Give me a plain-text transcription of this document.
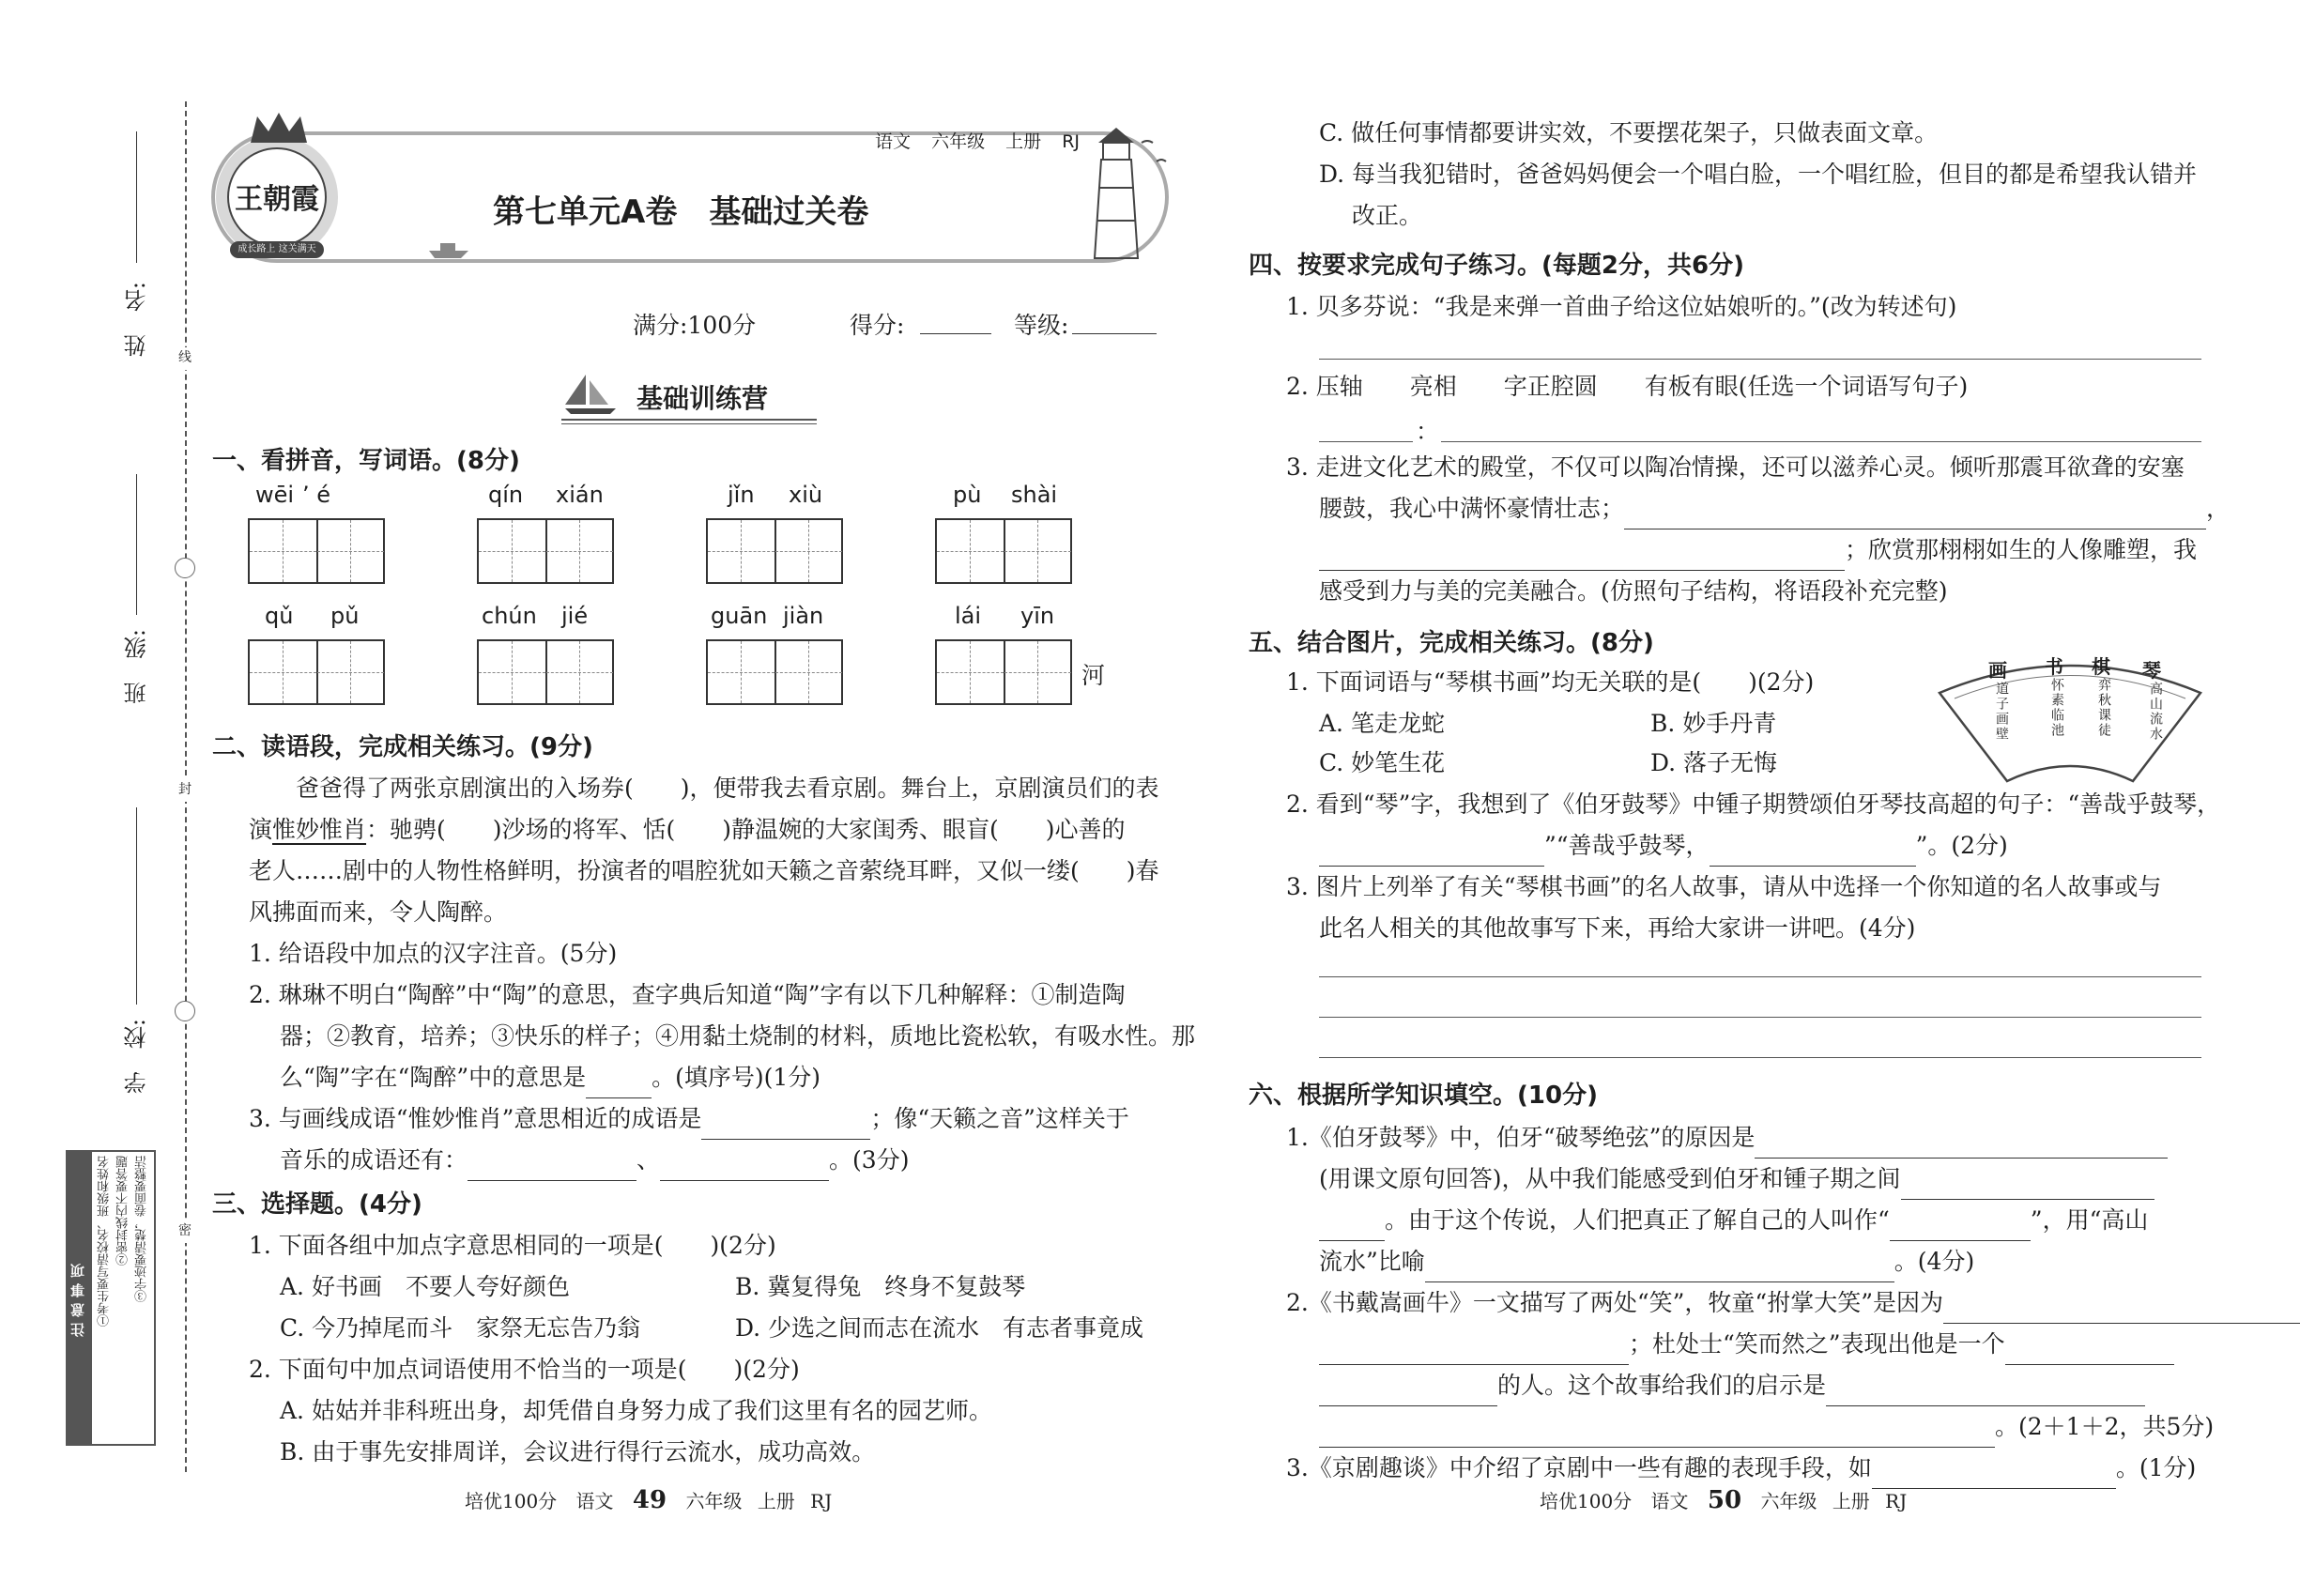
姓　名:
班　级:
学　校:
线
封
密
注意事项 ①考生要写清校名、班级和姓名 ②密封线内不要答题 ③字迹要清楚，卷面要整洁
王朝霞
成长路上 这关满天
语文 六年级 上册 RJ
第七单元A卷　基础过关卷
满分:100分	得分:	等级:
基础训练营
一、看拼音，写词语。(8分)
wēi ’ é	qín xián	jǐn xiù	pù shài
qǔ pǔ	chún jié	guān jiàn	lái yīn
河
二、读语段，完成相关练习。(9分)
爸爸得了两张京剧演出的入场券(　　)，便带我去看京剧。舞台上，京剧演员们的表
演惟妙惟肖：驰骋(　　)沙场的将军、恬(　　)静温婉的大家闺秀、眼盲(　　)心善的
老人……剧中的人物性格鲜明，扮演者的唱腔犹如天籁之音萦绕耳畔，又似一缕(　　)春
风拂面而来，令人陶醉。
1. 给语段中加点的汉字注音。(5分)
2. 琳琳不明白“陶醉”中“陶”的意思，查字典后知道“陶”字有以下几种解释：①制造陶
器；②教育，培养；③快乐的样子；④用黏土烧制的材料，质地比瓷松软，有吸水性。那
么“陶”字在“陶醉”中的意思是	。(填序号)(1分)
3. 与画线成语“惟妙惟肖”意思相近的成语是	；像“天籁之音”这样关于
音乐的成语还有：	、	。(3分)
三、选择题。(4分)
1. 下面各组中加点字意思相同的一项是(　　)(2分)
A. 好书画　不要人夸好颜色	B. 冀复得兔　终身不复鼓琴
C. 今乃掉尾而斗　家祭无忘告乃翁	D. 少选之间而志在流水　有志者事竟成
2. 下面句中加点词语使用不恰当的一项是(　　)(2分)
A. 姑姑并非科班出身，却凭借自身努力成了我们这里有名的园艺师。
B. 由于事先安排周详，会议进行得行云流水，成功高效。
培优100分 语文 49 六年级 上册 RJ
C. 做任何事情都要讲实效，不要摆花架子，只做表面文章。
D. 每当我犯错时，爸爸妈妈便会一个唱白脸，一个唱红脸，但目的都是希望我认错并
改正。
四、按要求完成句子练习。(每题2分，共6分)
1. 贝多芬说：“我是来弹一首曲子给这位姑娘听的。”(改为转述句)
2. 压轴　　亮相　　字正腔圆　　有板有眼(任选一个词语写句子)
：
3. 走进文化艺术的殿堂，不仅可以陶冶情操，还可以滋养心灵。倾听那震耳欲聋的安塞
腰鼓，我心中满怀豪情壮志；	，
；欣赏那栩栩如生的人像雕塑，我
感受到力与美的完美融合。(仿照句子结构，将语段补充完整)
五、结合图片，完成相关练习。(8分)
1. 下面词语与“琴棋书画”均无关联的是(　　)(2分)
A. 笔走龙蛇	B. 妙手丹青
C. 妙笔生花	D. 落子无悔
画 书 棋 琴
道子画壁	怀素临池 弈秋课徒	高山流水
2. 看到“琴”字，我想到了《伯牙鼓琴》中锺子期赞颂伯牙琴技高超的句子：“善哉乎鼓琴，
”“善哉乎鼓琴，	”。(2分)
3. 图片上列举了有关“琴棋书画”的名人故事，请从中选择一个你知道的名人故事或与
此名人相关的其他故事写下来，再给大家讲一讲吧。(4分)
六、根据所学知识填空。(10分)
1.《伯牙鼓琴》中，伯牙“破琴绝弦”的原因是
(用课文原句回答)，从中我们能感受到伯牙和锺子期之间
。由于这个传说，人们把真正了解自己的人叫作“	”，用“高山
流水”比喻	。(4分)
2.《书戴嵩画牛》一文描写了两处“笑”，牧童“拊掌大笑”是因为
；杜处士“笑而然之”表现出他是一个
的人。这个故事给我们的启示是
。(2＋1＋2，共5分)
3.《京剧趣谈》中介绍了京剧中一些有趣的表现手段，如	。(1分)
培优100分 语文 50 六年级 上册 RJ
